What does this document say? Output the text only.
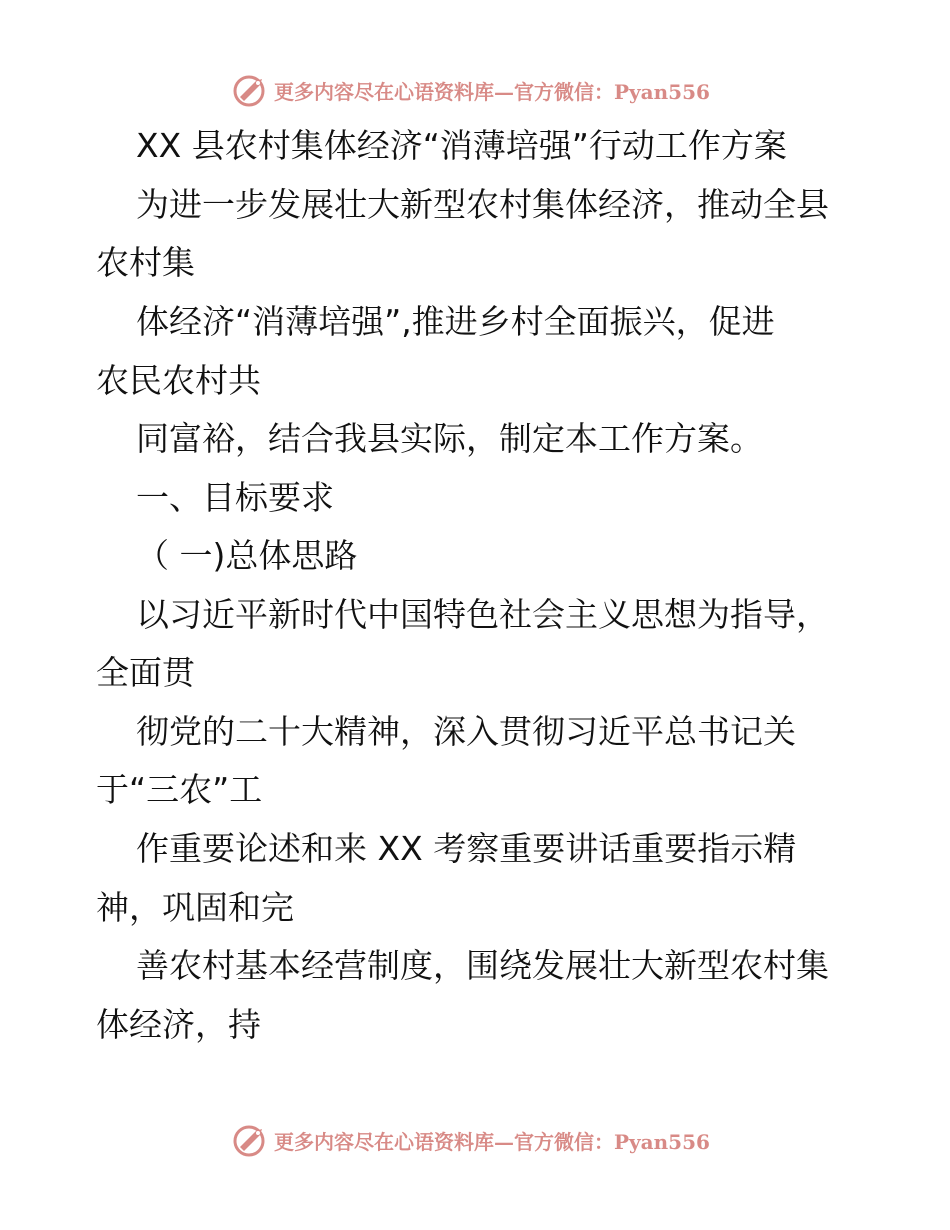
更多内容尽在心语资料库—官方微信：Pyan556
XX 县农村集体经济“消薄培强”行动工作方案
为进一步发展壮大新型农村集体经济，推动全县
农村集
体经济“消薄培强”,推进乡村全面振兴，促进
农民农村共
同富裕，结合我县实际，制定本工作方案。
一、目标要求
（ 一)总体思路
以习近平新时代中国特色社会主义思想为指导，
全面贯
彻党的二十大精神，深入贯彻习近平总书记关
于“三农”工
作重要论述和来 XX 考察重要讲话重要指示精
神，巩固和完
善农村基本经营制度，围绕发展壮大新型农村集
体经济，持
更多内容尽在心语资料库—官方微信：Pyan556
